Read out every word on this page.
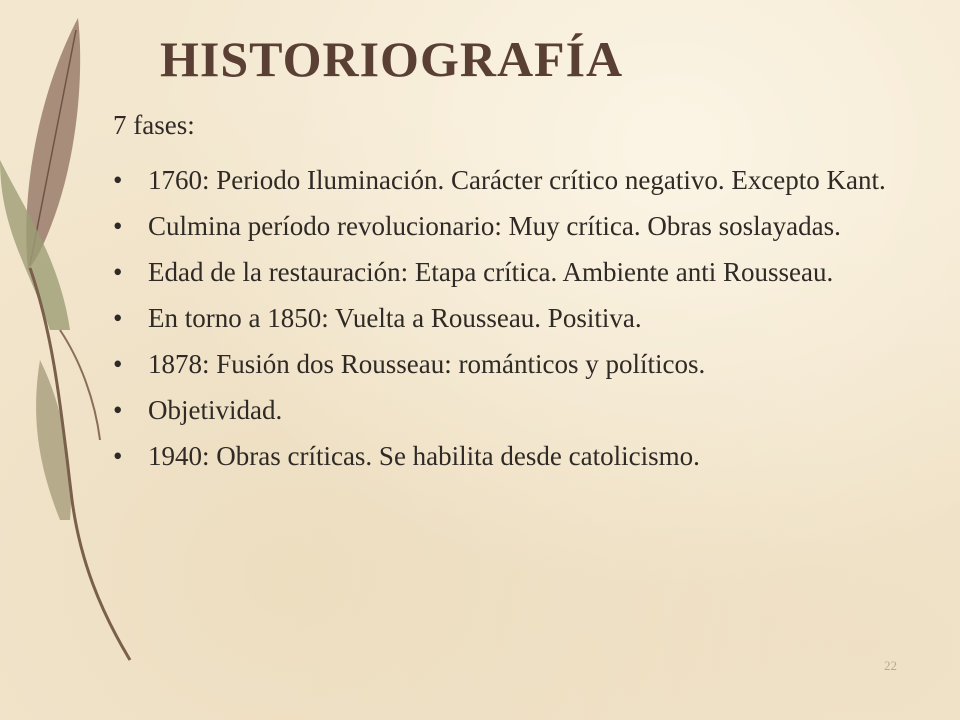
HISTORIOGRAFÍA

7 fases:

• 1760: Periodo Iluminación. Carácter crítico negativo. Excepto Kant.
• Culmina período revolucionario: Muy crítica. Obras soslayadas.
• Edad de la restauración: Etapa crítica. Ambiente anti Rousseau.
• En torno a 1850: Vuelta a Rousseau. Positiva.
• 1878: Fusión dos Rousseau: románticos y políticos.
• Objetividad.
• 1940: Obras críticas. Se habilita desde catolicismo.
22
